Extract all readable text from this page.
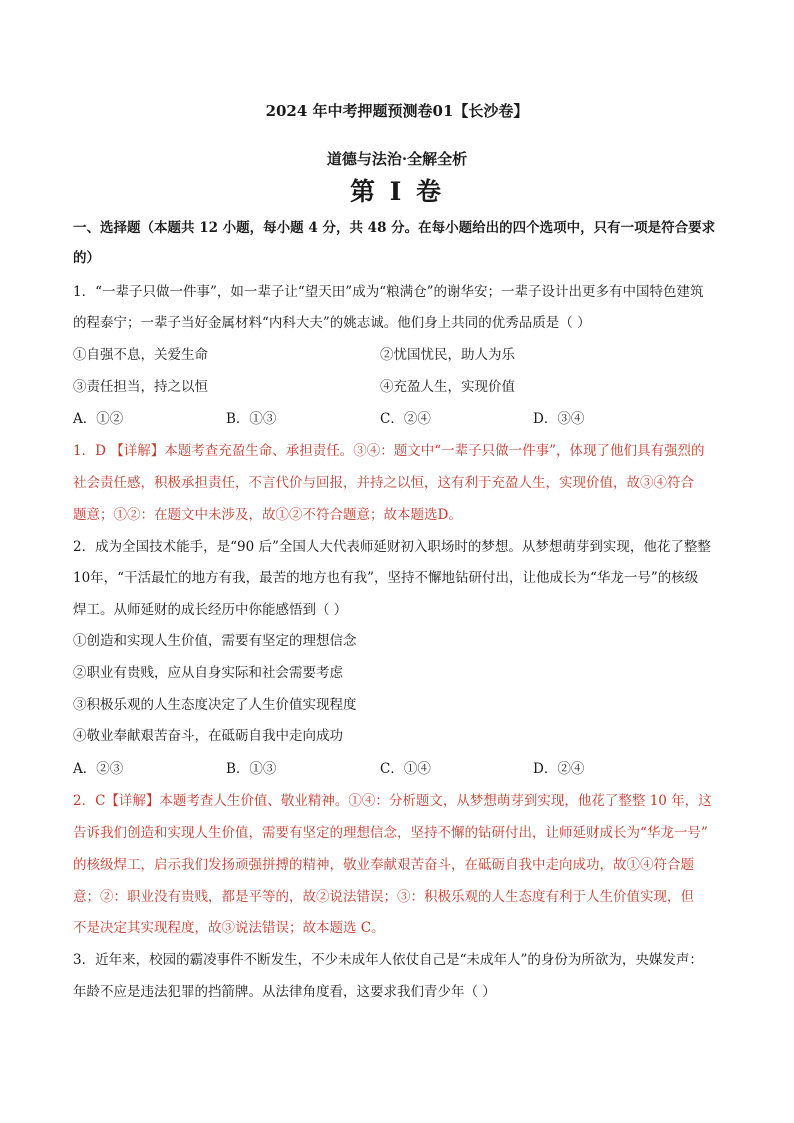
2024 年中考押题预测卷01【长沙卷】
道德与法治·全解全析
第 I 卷
一、选择题（本题共 12 小题，每小题 4 分，共 48 分。在每小题给出的四个选项中，只有一项是符合要求
的）
1．“一辈子只做一件事”，如一辈子让“望天田”成为“粮满仓”的谢华安；一辈子设计出更多有中国特色建筑
的程泰宁；一辈子当好金属材料“内科大夫”的姚志诚。他们身上共同的优秀品质是（ ）
①自强不息，关爱生命	②忧国忧民，助人为乐
③责任担当，持之以恒	④充盈人生，实现价值
A．①②	B．①③	C．②④	D．③④
1．D 【详解】本题考查充盈生命、承担责任。③④：题文中“一辈子只做一件事”，体现了他们具有强烈的
社会责任感，积极承担责任，不言代价与回报，并持之以恒，这有利于充盈人生，实现价值，故③④符合
题意；①②：在题文中未涉及，故①②不符合题意；故本题选D。
2．成为全国技术能手，是“90 后”全国人大代表师延财初入职场时的梦想。从梦想萌芽到实现，他花了整整
10年，“干活最忙的地方有我，最苦的地方也有我”，坚持不懈地钻研付出，让他成长为“华龙一号”的核级
焊工。从师延财的成长经历中你能感悟到（ ）
①创造和实现人生价值，需要有坚定的理想信念
②职业有贵贱，应从自身实际和社会需要考虑
③积极乐观的人生态度决定了人生价值实现程度
④敬业奉献艰苦奋斗，在砥砺自我中走向成功
A．②③	B．①③	C．①④	D．②④
2．C【详解】本题考查人生价值、敬业精神。①④：分析题文，从梦想萌芽到实现，他花了整整 10 年，这
告诉我们创造和实现人生价值，需要有坚定的理想信念，坚持不懈的钻研付出，让师延财成长为“华龙一号”
的核级焊工，启示我们发扬顽强拼搏的精神，敬业奉献艰苦奋斗，在砥砺自我中走向成功，故①④符合题
意；②：职业没有贵贱，都是平等的，故②说法错误；③：积极乐观的人生态度有利于人生价值实现，但
不是决定其实现程度，故③说法错误；故本题选 C。
3．近年来，校园的霸凌事件不断发生，不少未成年人依仗自己是“未成年人”的身份为所欲为，央媒发声：
年龄不应是违法犯罪的挡箭牌。从法律角度看，这要求我们青少年（ ）
